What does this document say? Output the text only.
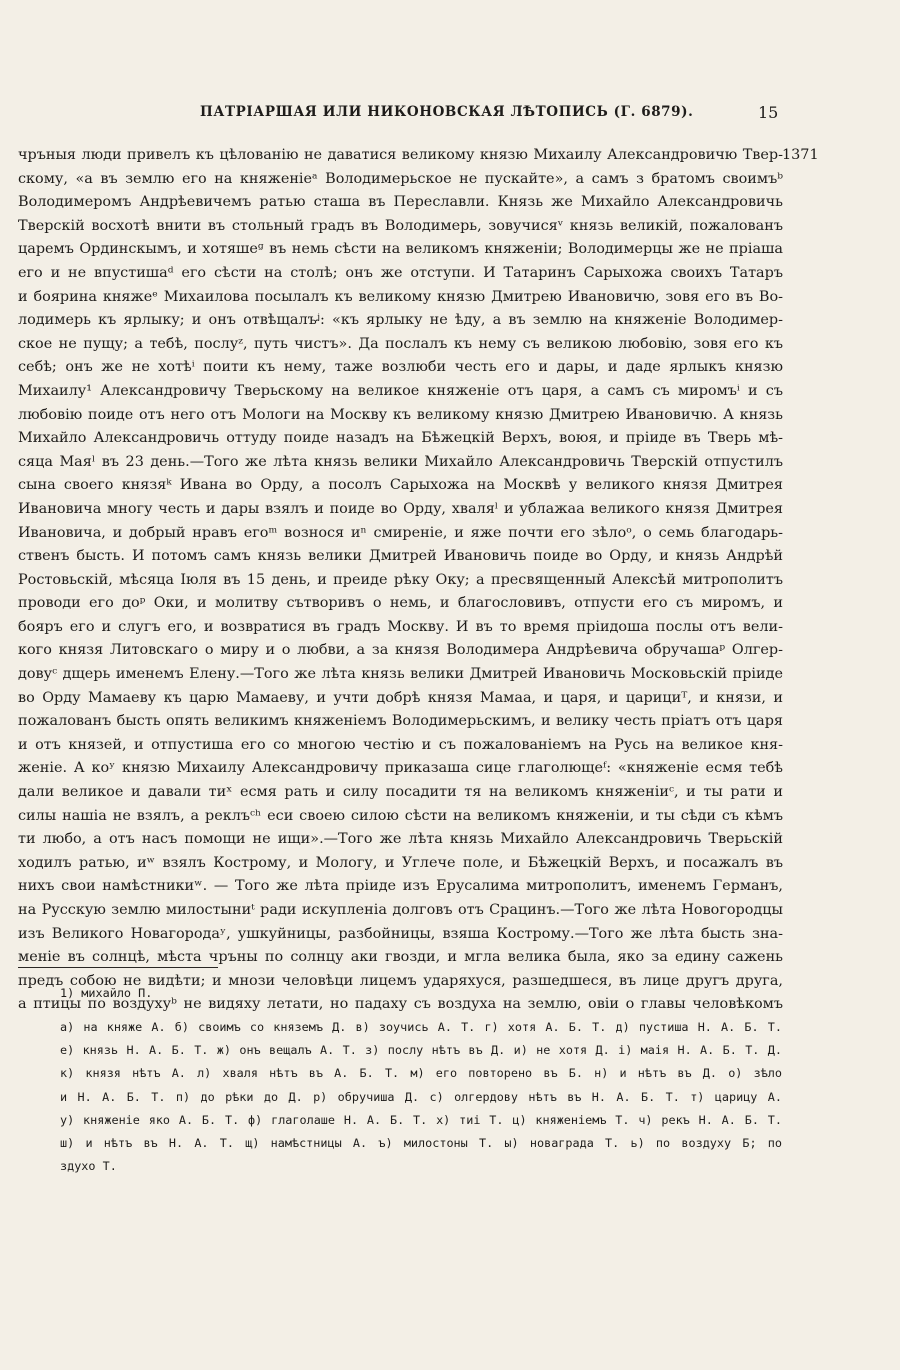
ПАТРІАРШАЯ ИЛИ НИКОНОВСКАЯ ЛѢТОПИСЬ (Г. 6879).	15
1371
чръныя люди привелъ къ цѣлованію не даватися великому князю Михаилу Александровичю Твер-
скому, «а въ землю его на княженіеᵃ Володимерьское не пускайте», а самъ з братомъ своимъᵇ
Володимеромъ Андрѣевичемъ ратью сташа въ Переславли. Князь же Михайло Александровичь
Тверскій восхотѣ внити въ стольный градъ въ Володимерь, зовучисяᵛ князь великій, пожалованъ
царемъ Ординскымъ, и хотяшеᵍ въ немь сѣсти на великомъ княженіи; Володимерцы же не пріаша
его и не впустишаᵈ его сѣсти на столѣ; онъ же отступи. И Татаринъ Сарыхожа своихъ Татаръ
и боярина княжеᵉ Михаилова посылалъ къ великому князю Дмитрею Ивановичю, зовя его въ Во-
лодимерь къ ярлыку; и онъ отвѣщалъᶨ: «къ ярлыку не ѣду, а въ землю на княженіе Володимер-
ское не пущу; а тебѣ, послуᶻ, путь чистъ». Да послалъ къ нему съ великою любовію, зовя его къ
себѣ; онъ же не хотѣⁱ поити къ нему, таже возлюби честь его и дары, и даде ярлыкъ князю
Михаилу¹ Александровичу Тверьскому на великое княженіе отъ царя, а самъ съ миромъⁱ и съ
любовію поиде отъ него отъ Мологи на Москву къ великому князю Дмитрею Ивановичю. А князь
Михайло Александровичь оттуду поиде назадъ на Бѣжецкій Верхъ, воюя, и пріиде въ Тверь мѣ-
сяца Маяˡ въ 23 день.—Того же лѣта князь велики Михайло Александровичь Тверскій отпустилъ
сына своего князяᵏ Ивана во Орду, а посолъ Сарыхожа на Москвѣ у великого князя Дмитрея
Ивановича многу честь и дары взялъ и поиде во Орду, хваляˡ и ублажаа великого князя Дмитрея
Ивановича, и добрый нравъ егоᵐ вознося иⁿ смиреніе, и яже почти его зѣлоᵒ, о семь благодарь-
ственъ бысть. И потомъ самъ князь велики Дмитрей Ивановичь поиде во Орду, и князь Андрѣй
Ростовьскій, мѣсяца Іюля въ 15 день, и преиде рѣку Оку; а пресвященный Алексѣй митрополитъ
проводи его доᵖ Оки, и молитву сътворивъ о немь, и благословивъ, отпусти его съ миромъ, и
бояръ его и слугъ его, и возвратися въ градъ Москву. И въ то время пріидоша послы отъ вели-
кого князя Литовскаго о миру и о любви, а за князя Володимера Андрѣевича обручашаᵖ Олгер-
довуᶜ дщерь именемъ Елену.—Того же лѣта князь велики Дмитрей Ивановичь Московьскій пріиде
во Орду Мамаеву къ царю Мамаеву, и учти добрѣ князя Мамаа, и царя, и царициᵀ, и князи, и
пожалованъ бысть опять великимъ княженіемъ Володимерьскимъ, и велику честь пріатъ отъ царя
и отъ князей, и отпустиша его со многою честію и съ пожалованіемъ на Русь на великое кня-
женіе. А коʸ князю Михаилу Александровичу приказаша сице глаголющеᶠ: «княженіе есмя тебѣ
дали великое и давали тиˣ есмя рать и силу посадити тя на великомъ княженіиᶜ, и ты рати и
силы нашіа не взялъ, а реклъᶜʰ еси своею силою сѣсти на великомъ княженіи, и ты сѣди съ кѣмъ
ти любо, а отъ насъ помощи не ищи».—Того же лѣта князь Михайло Александровичь Тверьскій
ходилъ ратью, иʷ взялъ Кострому, и Мологу, и Углече поле, и Бѣжецкій Верхъ, и посажалъ въ
нихъ свои намѣстникиʷ. — Того же лѣта пріиде изъ Ерусалима митрополитъ, именемъ Германъ,
на Русскую землю милостыниᵗ ради искупленіа долговъ отъ Срацинъ.—Того же лѣта Новогородцы
изъ Великого Новагородаʸ, ушкуйницы, разбойницы, взяша Кострому.—Того же лѣта бысть зна-
меніе въ солнцѣ, мѣста чръны по солнцу аки гвозди, и мгла велика была, яко за едину сажень
предъ собою не видѣти; и мнози человѣци лицемъ ударяхуся, разшедшеся, въ лице другъ друга,
а птицы по воздухуᵇ не видяху летати, но падаху съ воздуха на землю, овіи о главы человѣкомъ
1) михайло П.
а) на княже А. б) своимъ со княземъ Д. в) зоучись А. Т. г) хотя А. Б. Т. д) пустиша Н. А. Б. Т.
е) князь Н. А. Б. Т. ж) онъ вещалъ А. Т. з) послу нѣтъ въ Д. и) не хотя Д. і) маія Н. А. Б. Т. Д.
к) князя нѣтъ А. л) хваля нѣтъ въ А. Б. Т. м) его повторено въ Б. н) и нѣтъ въ Д. о) зѣло
и Н. А. Б. Т. п) до рѣки до Д. р) обручиша Д. с) олгердову нѣтъ въ Н. А. Б. Т. т) царицу А.
у) княженіе яко А. Б. Т. ф) глаголаше Н. А. Б. Т. х) тиі Т. ц) княженіемъ Т. ч) рекъ Н. А. Б. Т.
ш) и нѣтъ въ Н. А. Т. щ) намѣстницы А. ъ) милостоны Т. ы) новаграда Т. ь) по воздуху Б; по
здухо Т.
